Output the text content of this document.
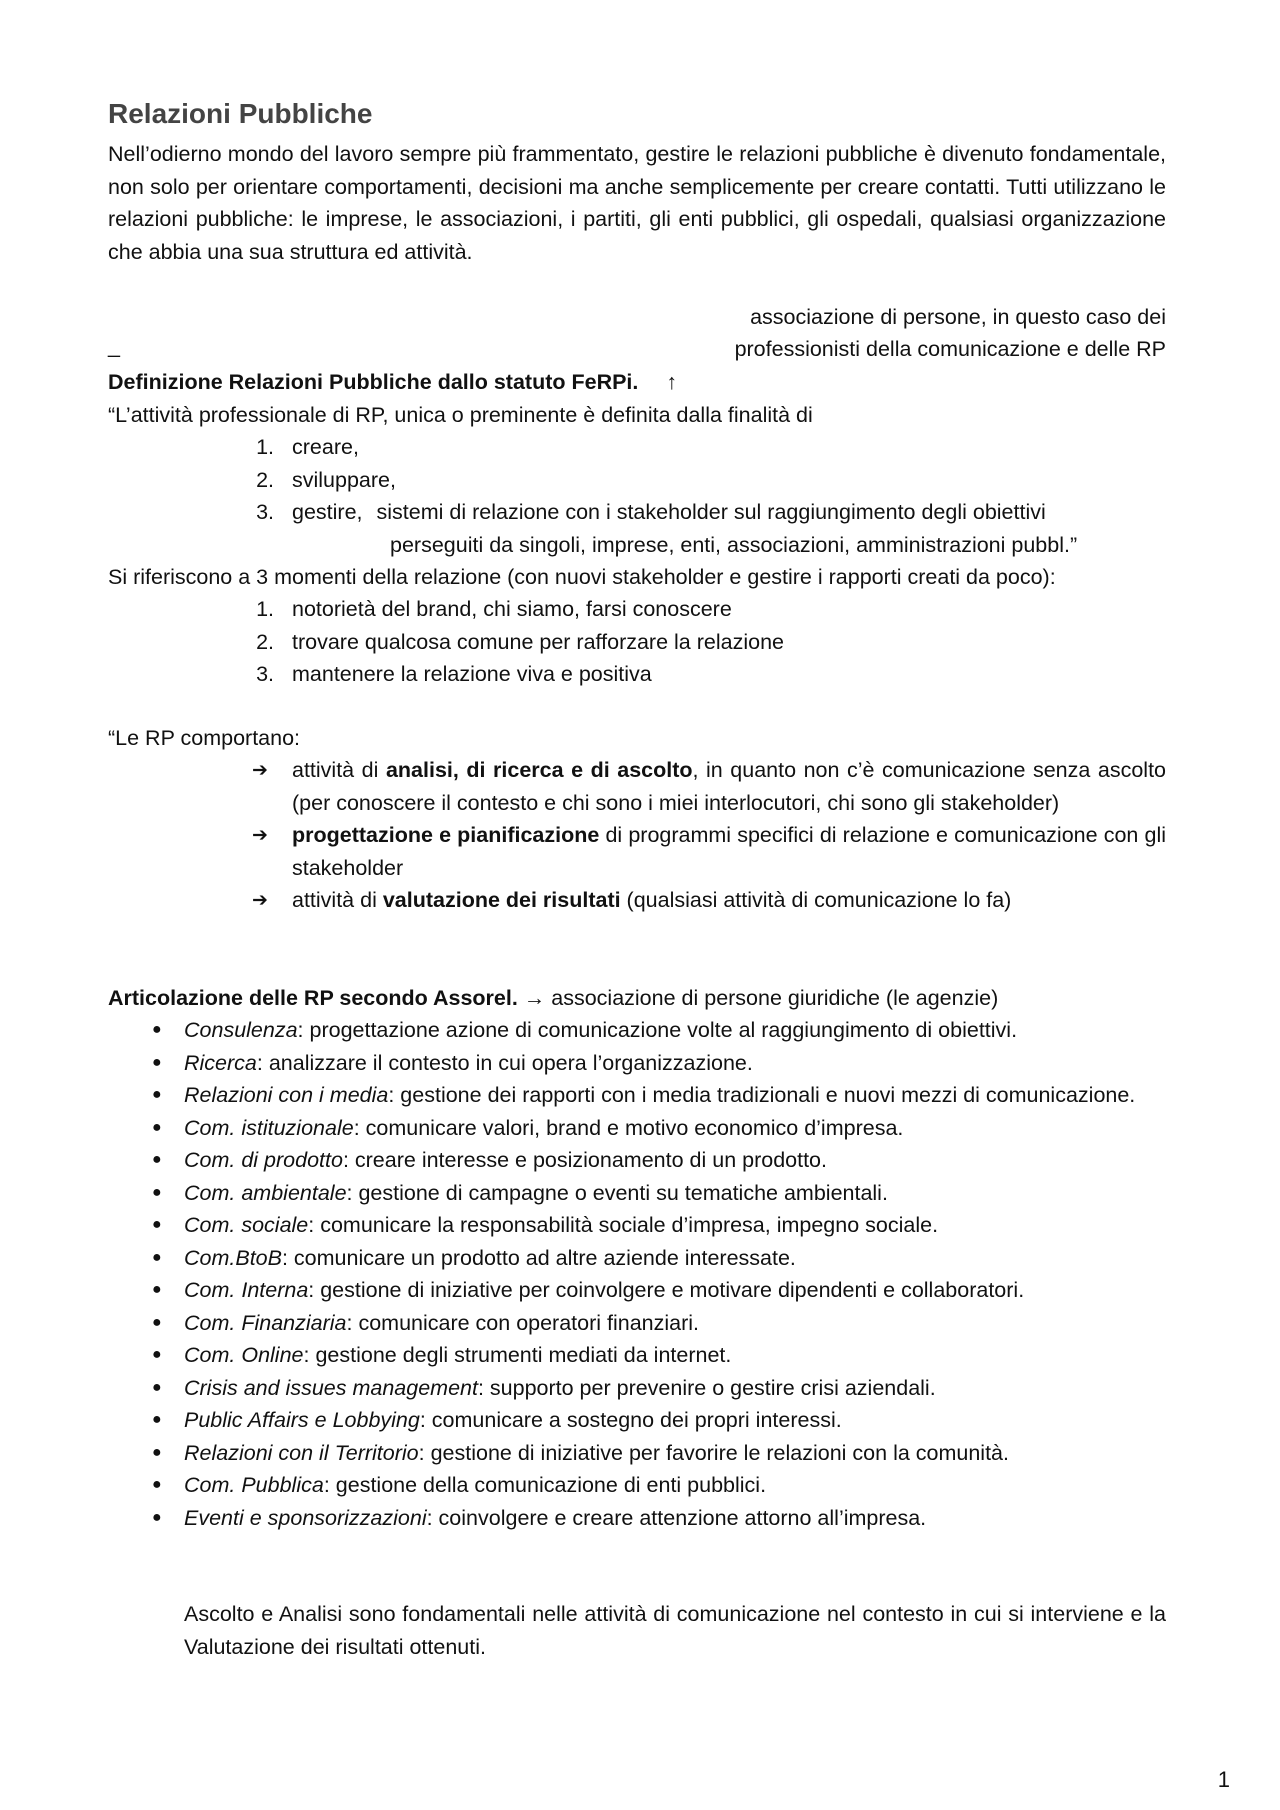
Relazioni Pubbliche

Nell’odierno mondo del lavoro sempre più frammentato, gestire le relazioni pubbliche è divenuto fondamentale, non solo per orientare comportamenti, decisioni ma anche semplicemente per creare contatti. Tutti utilizzano le relazioni pubbliche: le imprese, le associazioni, i partiti, gli enti pubblici, gli ospedali, qualsiasi organizzazione che abbia una sua struttura ed attività.

associazione di persone, in questo caso dei
_	professionisti della comunicazione e delle RP
Definizione Relazioni Pubbliche dallo statuto FeRPi. ↑
“L’attività professionale di RP, unica o preminente è definita dalla finalità di
1. creare,
2. sviluppare,
3. gestire, sistemi di relazione con i stakeholder sul raggiungimento degli obiettivi
perseguiti da singoli, imprese, enti, associazioni, amministrazioni pubbl.”
Si riferiscono a 3 momenti della relazione (con nuovi stakeholder e gestire i rapporti creati da poco):
1. notorietà del brand, chi siamo, farsi conoscere
2. trovare qualcosa comune per rafforzare la relazione
3. mantenere la relazione viva e positiva
“Le RP comportano:
➔ attività di analisi, di ricerca e di ascolto, in quanto non c’è comunicazione senza ascolto (per conoscere il contesto e chi sono i miei interlocutori, chi sono gli stakeholder)
➔ progettazione e pianificazione di programmi specifici di relazione e comunicazione con gli stakeholder
➔ attività di valutazione dei risultati (qualsiasi attività di comunicazione lo fa)
Articolazione delle RP secondo Assorel. → associazione di persone giuridiche (le agenzie)
● Consulenza: progettazione azione di comunicazione volte al raggiungimento di obiettivi.
● Ricerca: analizzare il contesto in cui opera l’organizzazione.
● Relazioni con i media: gestione dei rapporti con i media tradizionali e nuovi mezzi di comunicazione.
● Com. istituzionale: comunicare valori, brand e motivo economico d’impresa.
● Com. di prodotto: creare interesse e posizionamento di un prodotto.
● Com. ambientale: gestione di campagne o eventi su tematiche ambientali.
● Com. sociale: comunicare la responsabilità sociale d’impresa, impegno sociale.
● Com.BtoB: comunicare un prodotto ad altre aziende interessate.
● Com. Interna: gestione di iniziative per coinvolgere e motivare dipendenti e collaboratori.
● Com. Finanziaria: comunicare con operatori finanziari.
● Com. Online: gestione degli strumenti mediati da internet.
● Crisis and issues management: supporto per prevenire o gestire crisi aziendali.
● Public Affairs e Lobbying: comunicare a sostegno dei propri interessi.
● Relazioni con il Territorio: gestione di iniziative per favorire le relazioni con la comunità.
● Com. Pubblica: gestione della comunicazione di enti pubblici.
● Eventi e sponsorizzazioni: coinvolgere e creare attenzione attorno all’impresa.

Ascolto e Analisi sono fondamentali nelle attività di comunicazione nel contesto in cui si interviene e la Valutazione dei risultati ottenuti.

1
